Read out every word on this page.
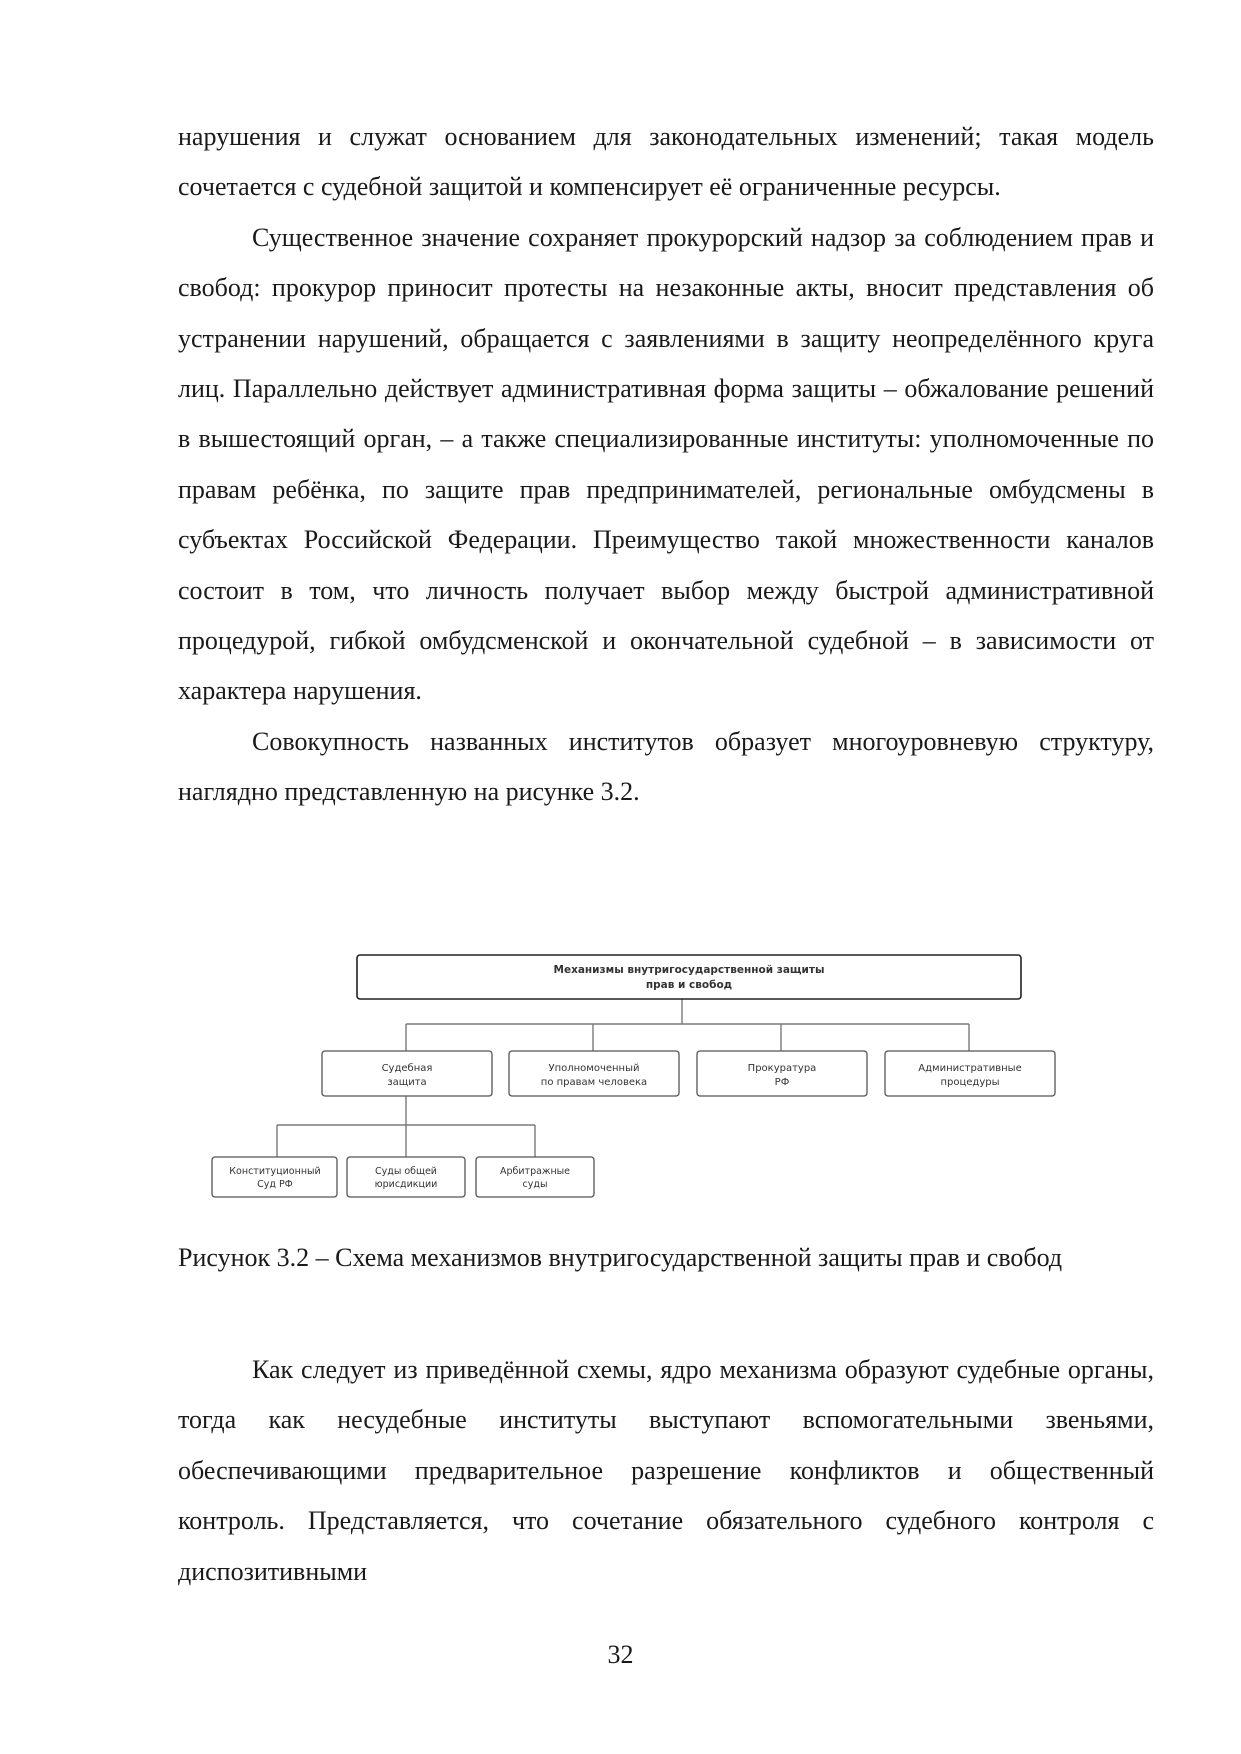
нарушения и служат основанием для законодательных изменений; такая модель сочетается с судебной защитой и компенсирует её ограниченные ресурсы.

Существенное значение сохраняет прокурорский надзор за соблюдением прав и свобод: прокурор приносит протесты на незаконные акты, вносит представления об устранении нарушений, обращается с заявлениями в защиту неопределённого круга лиц. Параллельно действует административная форма защиты – обжалование решений в вышестоящий орган, – а также специализированные институты: уполномоченные по правам ребёнка, по защите прав предпринимателей, региональные омбудсмены в субъектах Российской Федерации. Преимущество такой множественности каналов состоит в том, что личность получает выбор между быстрой административной процедурой, гибкой омбудсменской и окончательной судебной – в зависимости от характера нарушения.

Совокупность названных институтов образует многоуровневую структуру, наглядно представленную на рисунке 3.2.

Механизмы внутригосударственной защиты
прав и свобод
Судебная
защита
Уполномоченный
по правам человека
Прокуратура
РФ
Административные
процедуры
Конституционный
Суд РФ
Суды общей
юрисдикции
Арбитражные
суды

Рисунок 3.2 – Схема механизмов внутригосударственной защиты прав и свобод

Как следует из приведённой схемы, ядро механизма образуют судебные органы, тогда как несудебные институты выступают вспомогательными звеньями, обеспечивающими предварительное разрешение конфликтов и общественный контроль. Представляется, что сочетание обязательного судебного контроля с диспозитивными

32
